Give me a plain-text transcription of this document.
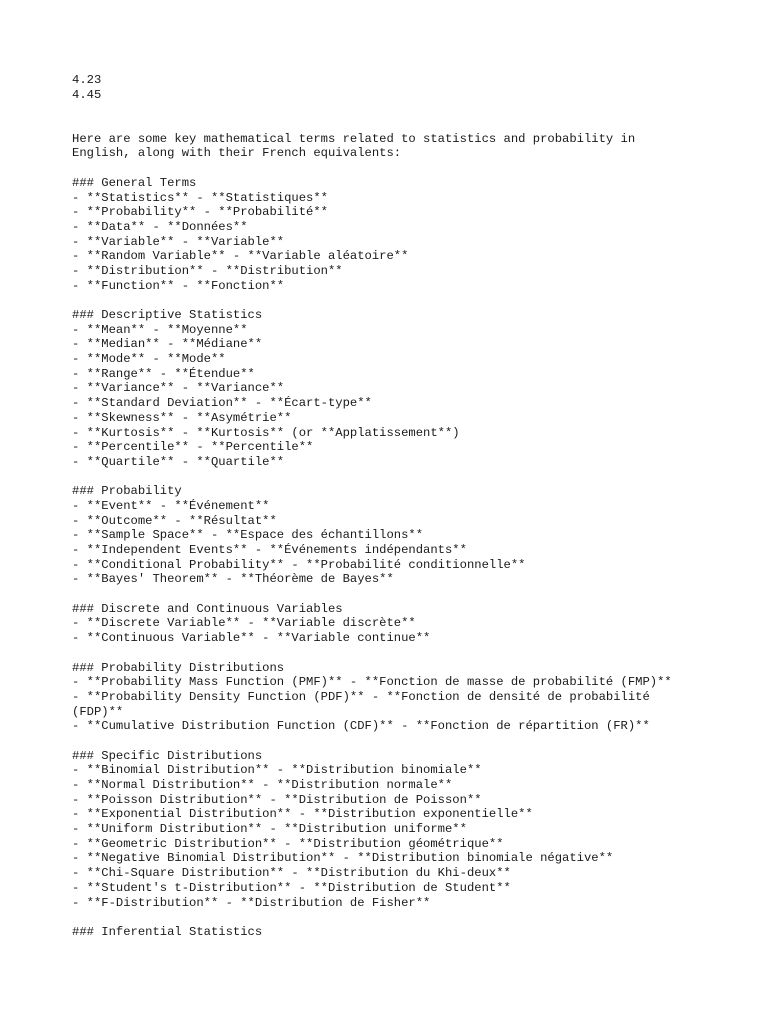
4.23
4.45
Here are some key mathematical terms related to statistics and probability in
English, along with their French equivalents:
### General Terms
- **Statistics** - **Statistiques**
- **Probability** - **Probabilité**
- **Data** - **Données**
- **Variable** - **Variable**
- **Random Variable** - **Variable aléatoire**
- **Distribution** - **Distribution**
- **Function** - **Fonction**
### Descriptive Statistics
- **Mean** - **Moyenne**
- **Median** - **Médiane**
- **Mode** - **Mode**
- **Range** - **Étendue**
- **Variance** - **Variance**
- **Standard Deviation** - **Écart-type**
- **Skewness** - **Asymétrie**
- **Kurtosis** - **Kurtosis** (or **Applatissement**)
- **Percentile** - **Percentile**
- **Quartile** - **Quartile**
### Probability
- **Event** - **Événement**
- **Outcome** - **Résultat**
- **Sample Space** - **Espace des échantillons**
- **Independent Events** - **Événements indépendants**
- **Conditional Probability** - **Probabilité conditionnelle**
- **Bayes' Theorem** - **Théorème de Bayes**
### Discrete and Continuous Variables
- **Discrete Variable** - **Variable discrète**
- **Continuous Variable** - **Variable continue**
### Probability Distributions
- **Probability Mass Function (PMF)** - **Fonction de masse de probabilité (FMP)**
- **Probability Density Function (PDF)** - **Fonction de densité de probabilité
(FDP)**
- **Cumulative Distribution Function (CDF)** - **Fonction de répartition (FR)**
### Specific Distributions
- **Binomial Distribution** - **Distribution binomiale**
- **Normal Distribution** - **Distribution normale**
- **Poisson Distribution** - **Distribution de Poisson**
- **Exponential Distribution** - **Distribution exponentielle**
- **Uniform Distribution** - **Distribution uniforme**
- **Geometric Distribution** - **Distribution géométrique**
- **Negative Binomial Distribution** - **Distribution binomiale négative**
- **Chi-Square Distribution** - **Distribution du Khi-deux**
- **Student's t-Distribution** - **Distribution de Student**
- **F-Distribution** - **Distribution de Fisher**
### Inferential Statistics
